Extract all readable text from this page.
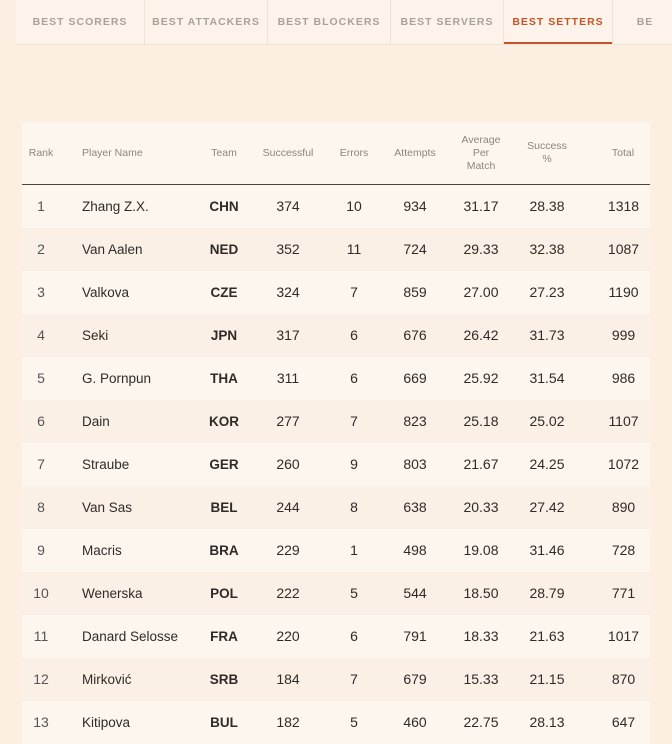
BEST SCORERS	BEST ATTACKERS	BEST BLOCKERS	BEST SERVERS	BEST SETTERS	BE
Rank	Player Name	Team	Successful	Errors	Attempts	Average Per Match	Success %	Total
1	Zhang Z.X.	CHN	374	10	934	31.17	28.38	1318
2	Van Aalen	NED	352	11	724	29.33	32.38	1087
3	Valkova	CZE	324	7	859	27.00	27.23	1190
4	Seki	JPN	317	6	676	26.42	31.73	999
5	G. Pornpun	THA	311	6	669	25.92	31.54	986
6	Dain	KOR	277	7	823	25.18	25.02	1107
7	Straube	GER	260	9	803	21.67	24.25	1072
8	Van Sas	BEL	244	8	638	20.33	27.42	890
9	Macris	BRA	229	1	498	19.08	31.46	728
10	Wenerska	POL	222	5	544	18.50	28.79	771
11	Danard Selosse	FRA	220	6	791	18.33	21.63	1017
12	Mirković	SRB	184	7	679	15.33	21.15	870
13	Kitipova	BUL	182	5	460	22.75	28.13	647
